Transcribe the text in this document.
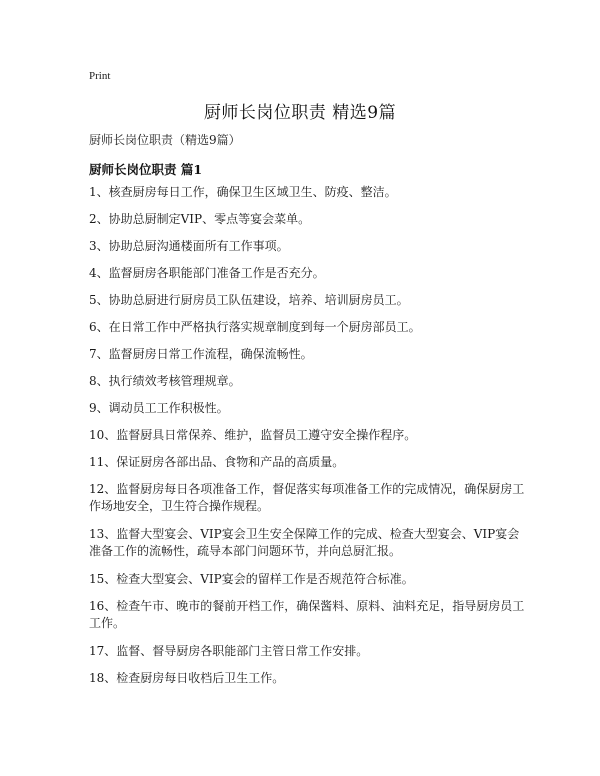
Print
厨师长岗位职责 精选9篇
厨师长岗位职责（精选9篇）
厨师长岗位职责 篇1
1、核查厨房每日工作，确保卫生区域卫生、防疫、整洁。
2、协助总厨制定VIP、零点等宴会菜单。
3、协助总厨沟通楼面所有工作事项。
4、监督厨房各职能部门准备工作是否充分。
5、协助总厨进行厨房员工队伍建设，培养、培训厨房员工。
6、在日常工作中严格执行落实规章制度到每一个厨房部员工。
7、监督厨房日常工作流程，确保流畅性。
8、执行绩效考核管理规章。
9、调动员工工作积极性。
10、监督厨具日常保养、维护，监督员工遵守安全操作程序。
11、保证厨房各部出品、食物和产品的高质量。
12、监督厨房每日各项准备工作，督促落实每项准备工作的完成情况，确保厨房工作场地安全，卫生符合操作规程。
13、监督大型宴会、VIP宴会卫生安全保障工作的完成、检查大型宴会、VIP宴会准备工作的流畅性，疏导本部门问题环节，并向总厨汇报。
15、检查大型宴会、VIP宴会的留样工作是否规范符合标准。
16、检查午市、晚市的餐前开档工作，确保酱料、原料、油料充足，指导厨房员工工作。
17、监督、督导厨房各职能部门主管日常工作安排。
18、检查厨房每日收档后卫生工作。
